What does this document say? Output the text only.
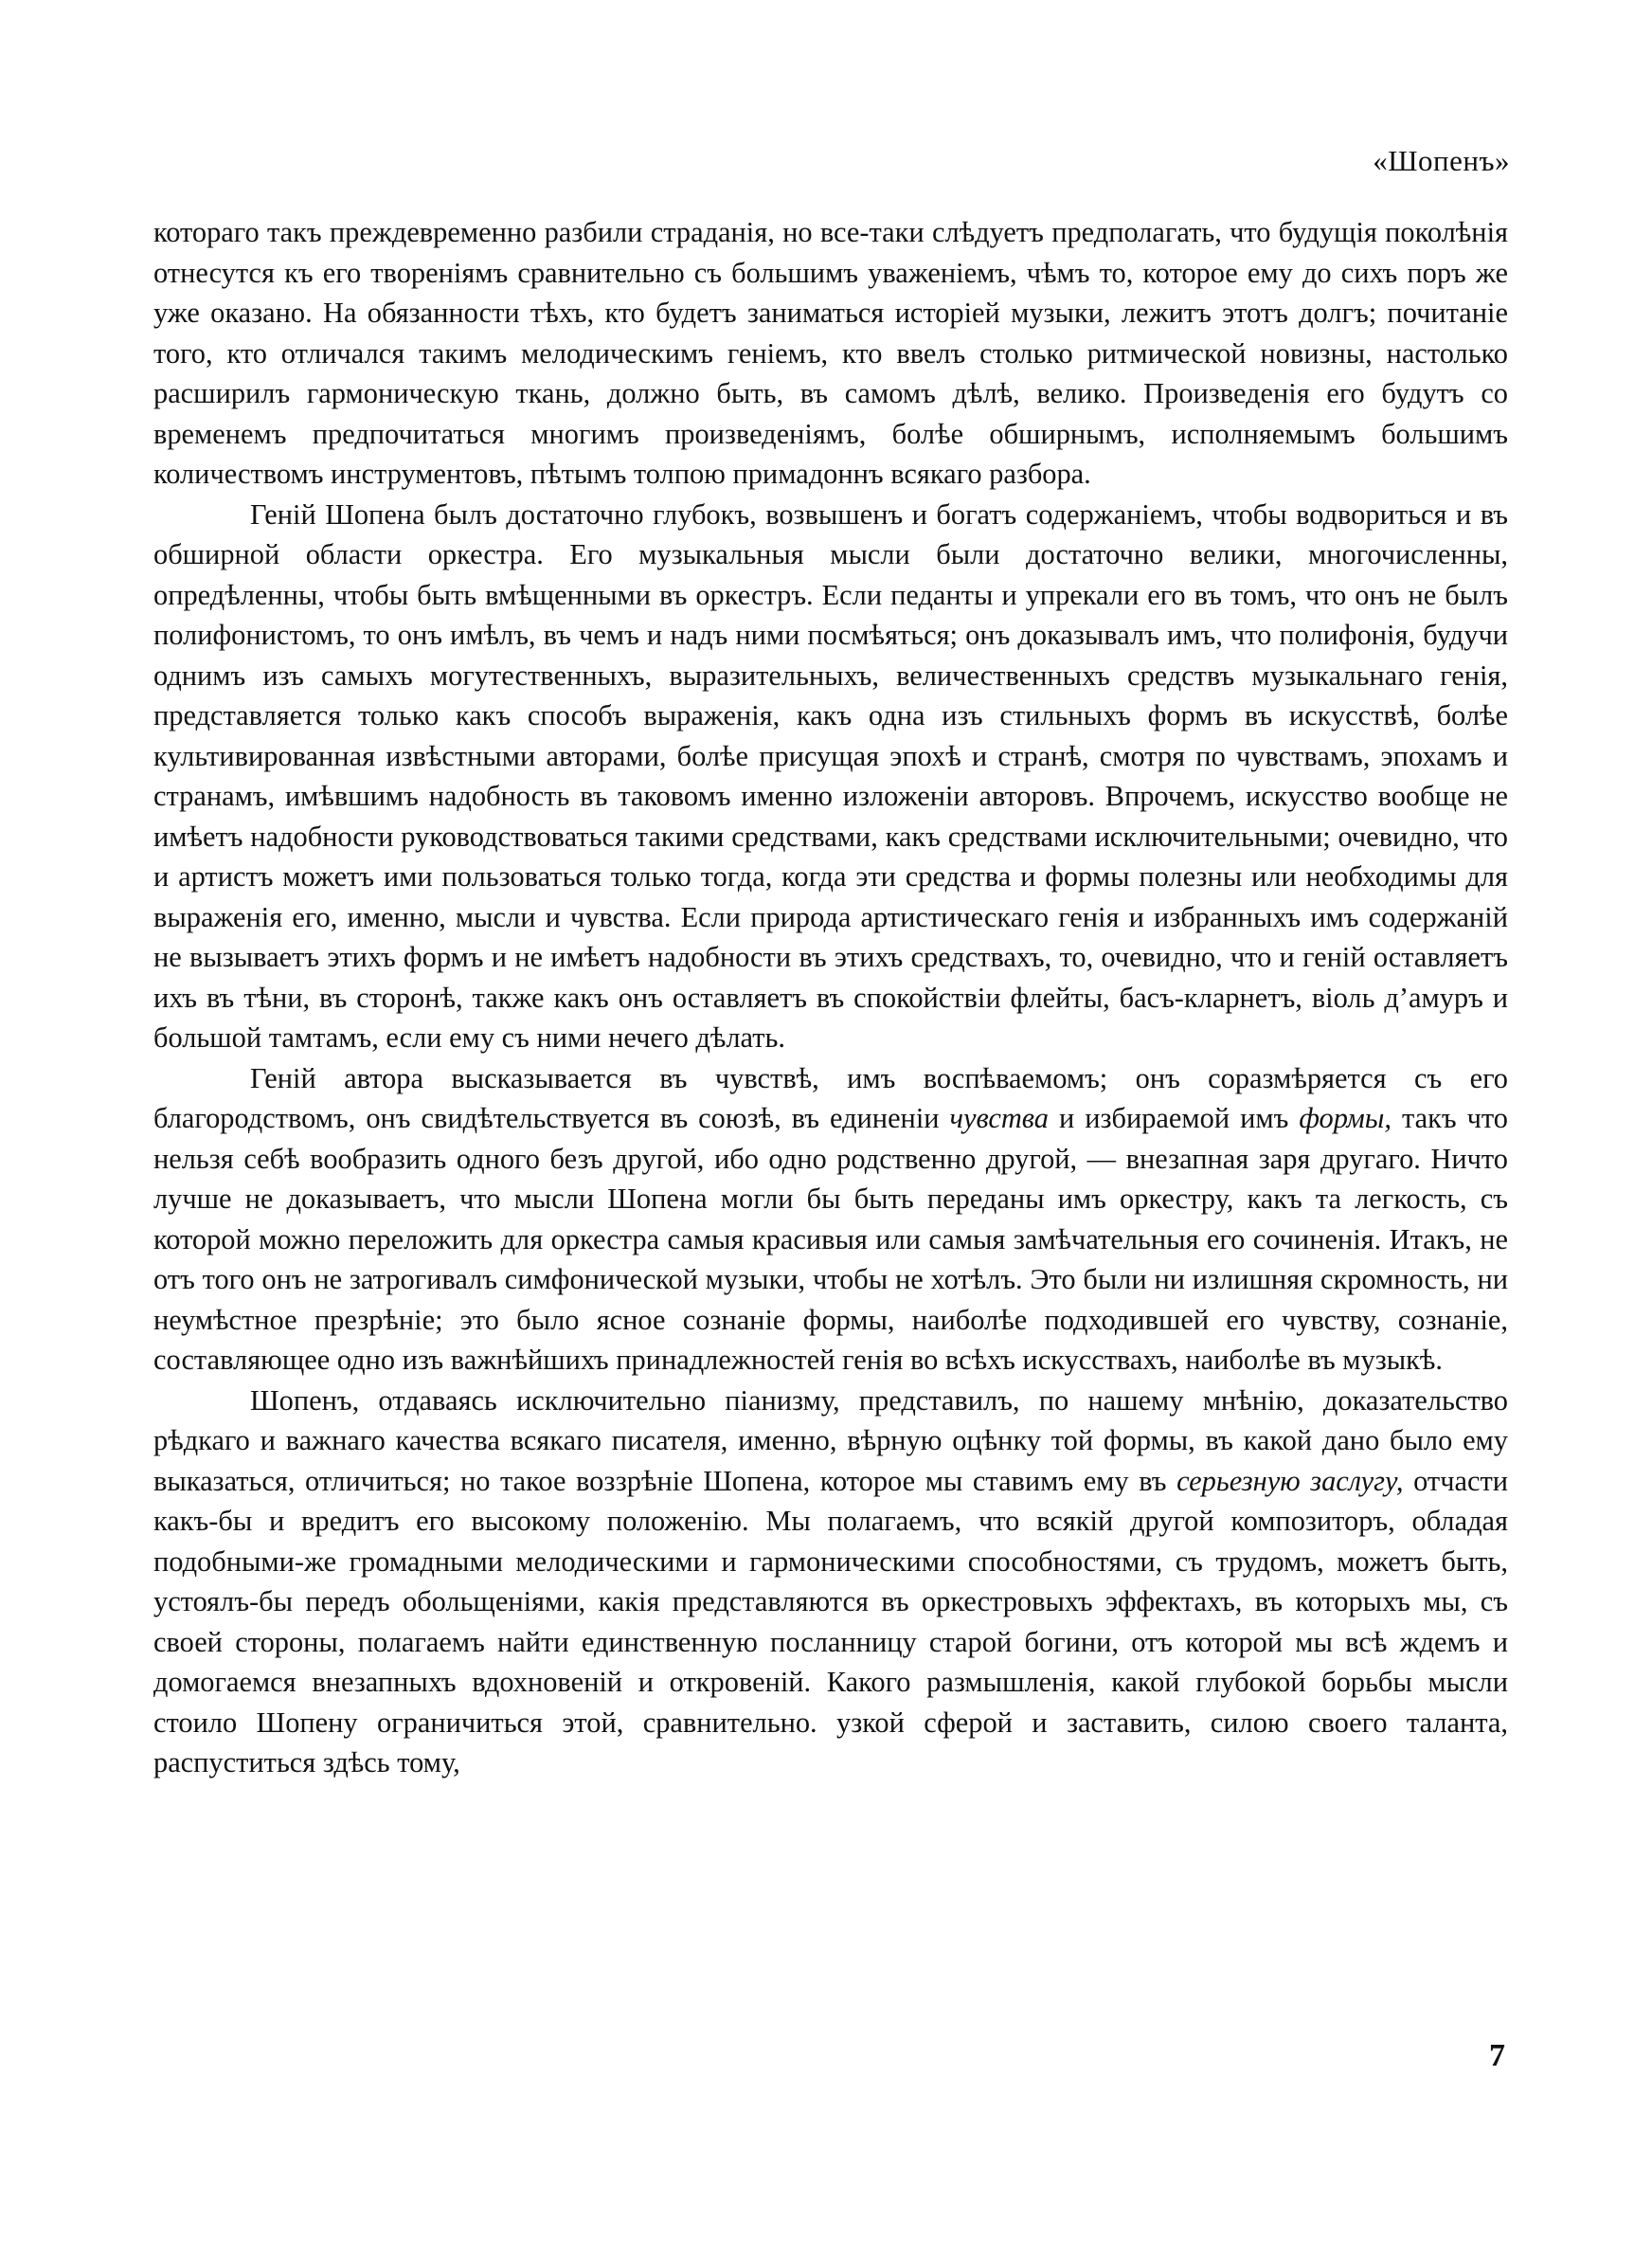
«Шопенъ»

котораго такъ преждевременно разбили страданія, но все-таки слѣдуетъ предполагать, что будущія поколѣнія отнесутся къ его твореніямъ сравнительно съ большимъ уваженіемъ, чѣмъ то, которое ему до сихъ поръ же уже оказано. На обязанности тѣхъ, кто будетъ заниматься исторіей музыки, лежитъ этотъ долгъ; почитаніе того, кто отличался такимъ мелодическимъ геніемъ, кто ввелъ столько ритмической новизны, настолько расширилъ гармоническую ткань, должно быть, въ самомъ дѣлѣ, велико. Произведенія его будутъ со временемъ предпочитаться многимъ произведеніямъ, болѣе обширнымъ, исполняемымъ большимъ количествомъ инструментовъ, пѣтымъ толпою примадоннъ всякаго разбора.

Геній Шопена былъ достаточно глубокъ, возвышенъ и богатъ содержаніемъ, чтобы водвориться и въ обширной области оркестра. Его музыкальныя мысли были достаточно велики, многочисленны, опредѣленны, чтобы быть вмѣщенными въ оркестръ. Если педанты и упрекали его въ томъ, что онъ не былъ полифонистомъ, то онъ имѣлъ, въ чемъ и надъ ними посмѣяться; онъ доказывалъ имъ, что полифонія, будучи однимъ изъ самыхъ могутественныхъ, выразительныхъ, величественныхъ средствъ музыкальнаго генія, представляется только какъ способъ выраженія, какъ одна изъ стильныхъ формъ въ искусствѣ, болѣе культивированная извѣстными авторами, болѣе присущая эпохѣ и странѣ, смотря по чувствамъ, эпохамъ и странамъ, имѣвшимъ надобность въ таковомъ именно изложеніи авторовъ. Впрочемъ, искусство вообще не имѣетъ надобности руководствоваться такими средствами, какъ средствами исключительными; очевидно, что и артистъ можетъ ими пользоваться только тогда, когда эти средства и формы полезны или необходимы для выраженія его, именно, мысли и чувства. Если природа артистическаго генія и избранныхъ имъ содержаній не вызываетъ этихъ формъ и не имѣетъ надобности въ этихъ средствахъ, то, очевидно, что и геній оставляетъ ихъ въ тѣни, въ сторонѣ, также какъ онъ оставляетъ въ спокойствіи флейты, басъ-кларнетъ, віоль д’амуръ и большой тамтамъ, если ему съ ними нечего дѣлать.

Геній автора высказывается въ чувствѣ, имъ воспѣваемомъ; онъ соразмѣряется съ его благородствомъ, онъ свидѣтельствуется въ союзѣ, въ единеніи чувства и избираемой имъ формы, такъ что нельзя себѣ вообразить одного безъ другой, ибо одно родственно другой, — внезапная заря другаго. Ничто лучше не доказываетъ, что мысли Шопена могли бы быть переданы имъ оркестру, какъ та легкость, съ которой можно переложить для оркестра самыя красивыя или самыя замѣчательныя его сочиненія. Итакъ, не отъ того онъ не затрогивалъ симфонической музыки, чтобы не хотѣлъ. Это были ни излишняя скромность, ни неумѣстное презрѣніе; это было ясное сознаніе формы, наиболѣе подходившей его чувству, сознаніе, составляющее одно изъ важнѣйшихъ принадлежностей генія во всѣхъ искусствахъ, наиболѣе въ музыкѣ.

Шопенъ, отдаваясь исключительно піанизму, представилъ, по нашему мнѣнію, доказательство рѣдкаго и важнаго качества всякаго писателя, именно, вѣрную оцѣнку той формы, въ какой дано было ему выказаться, отличиться; но такое воззрѣніе Шопена, которое мы ставимъ ему въ серьезную заслугу, отчасти какъ-бы и вредитъ его высокому положенію. Мы полагаемъ, что всякій другой композиторъ, обладая подобными-же громадными мелодическими и гармоническими способностями, съ трудомъ, можетъ быть, устоялъ-бы передъ обольщеніями, какія представляются въ оркестровыхъ эффектахъ, въ которыхъ мы, съ своей стороны, полагаемъ найти единственную посланницу старой богини, отъ которой мы всѣ ждемъ и домогаемся внезапныхъ вдохновеній и откровеній. Какого размышленія, какой глубокой борьбы мысли стоило Шопену ограничиться этой, сравнительно. узкой сферой и заставить, силою своего таланта, распуститься здѣсь тому,

7
